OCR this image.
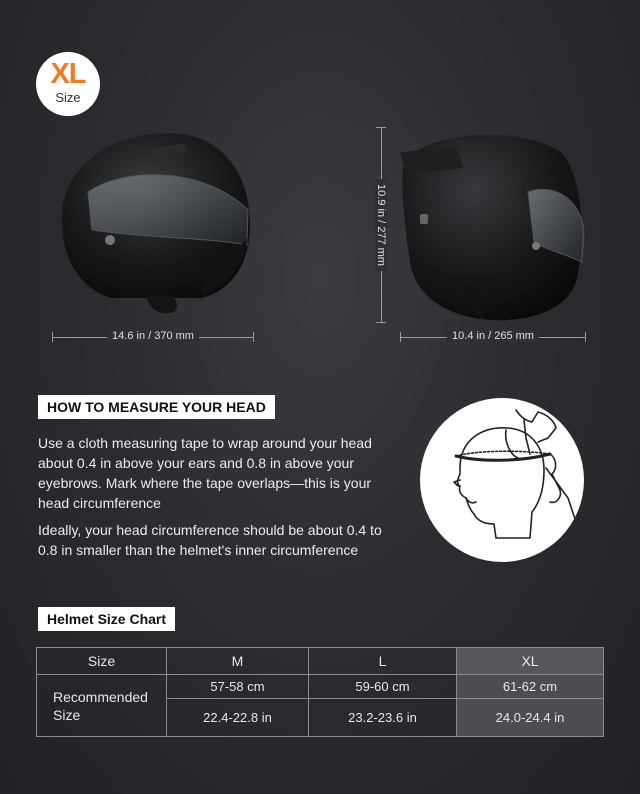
XL
Size
14.6 in / 370 mm
10.9 in / 277 mm
10.4 in / 265 mm
HOW TO MEASURE YOUR HEAD

Use a cloth measuring tape to wrap around your head about 0.4 in above your ears and 0.8 in above your eyebrows. Mark where the tape overlaps—this is your head circumference

Ideally, your head circumference should be about 0.4 to 0.8 in smaller than the helmet's inner circumference

Helmet Size Chart
Size	M	L	XL
Recommended Size	57-58 cm	59-60 cm	61-62 cm
	22.4-22.8 in	23.2-23.6 in	24.0-24.4 in
